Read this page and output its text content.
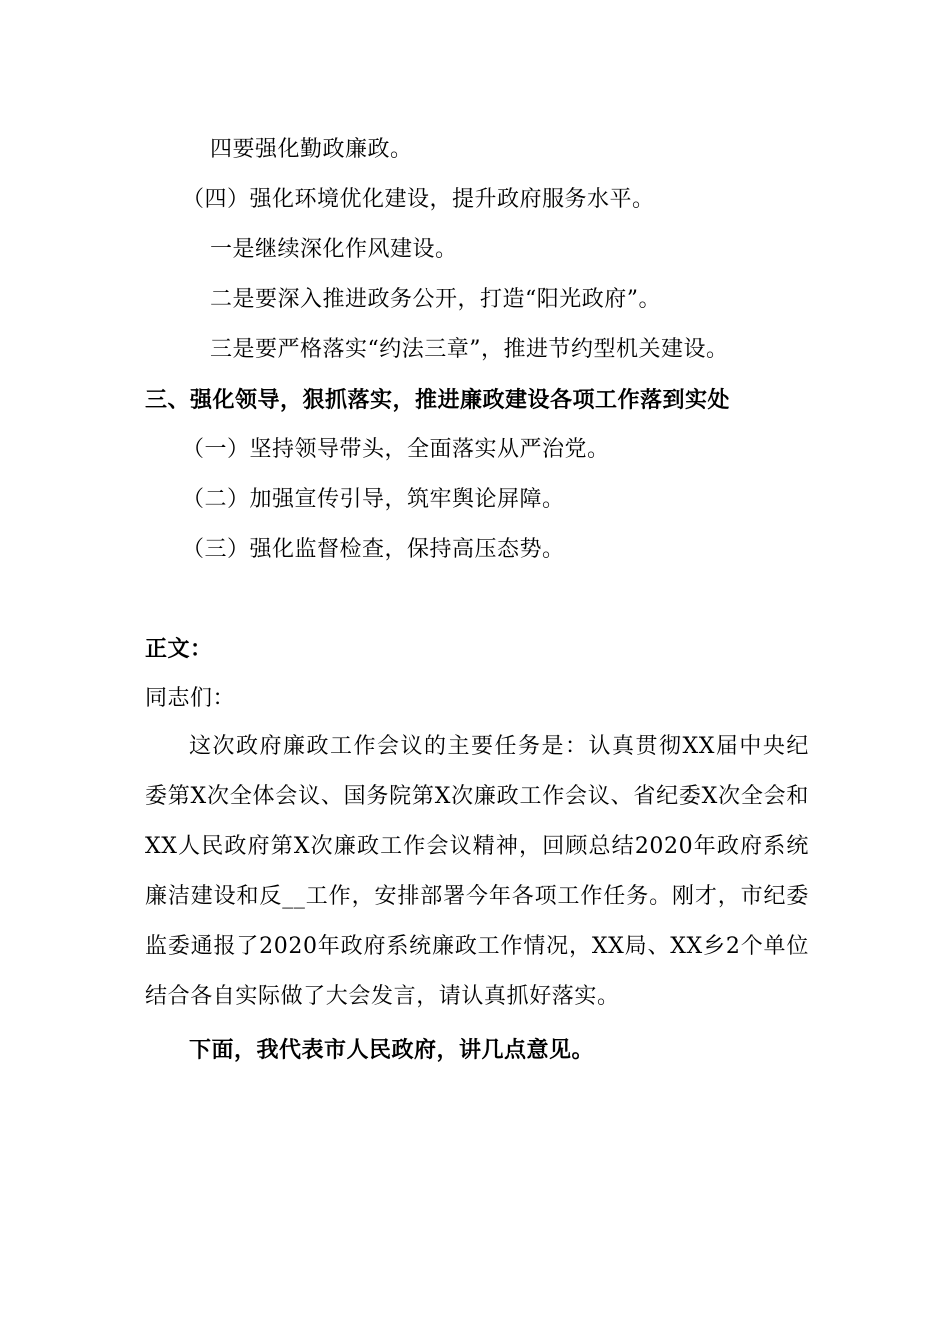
四要强化勤政廉政。
（四）强化环境优化建设，提升政府服务水平。
一是继续深化作风建设。
二是要深入推进政务公开，打造“阳光政府”。
三是要严格落实“约法三章”，推进节约型机关建设。
三、强化领导，狠抓落实，推进廉政建设各项工作落到实处
（一）坚持领导带头，全面落实从严治党。
（二）加强宣传引导，筑牢舆论屏障。
（三）强化监督检查，保持高压态势。
正文：
同志们：
这次政府廉政工作会议的主要任务是：认真贯彻XX届中央纪委第X次全体会议、国务院第X次廉政工作会议、省纪委X次全会和XX人民政府第X次廉政工作会议精神，回顾总结2020年政府系统廉洁建设和反__工作，安排部署今年各项工作任务。刚才，市纪委监委通报了2020年政府系统廉政工作情况，XX局、XX乡2个单位结合各自实际做了大会发言，请认真抓好落实。
下面，我代表市人民政府，讲几点意见。
